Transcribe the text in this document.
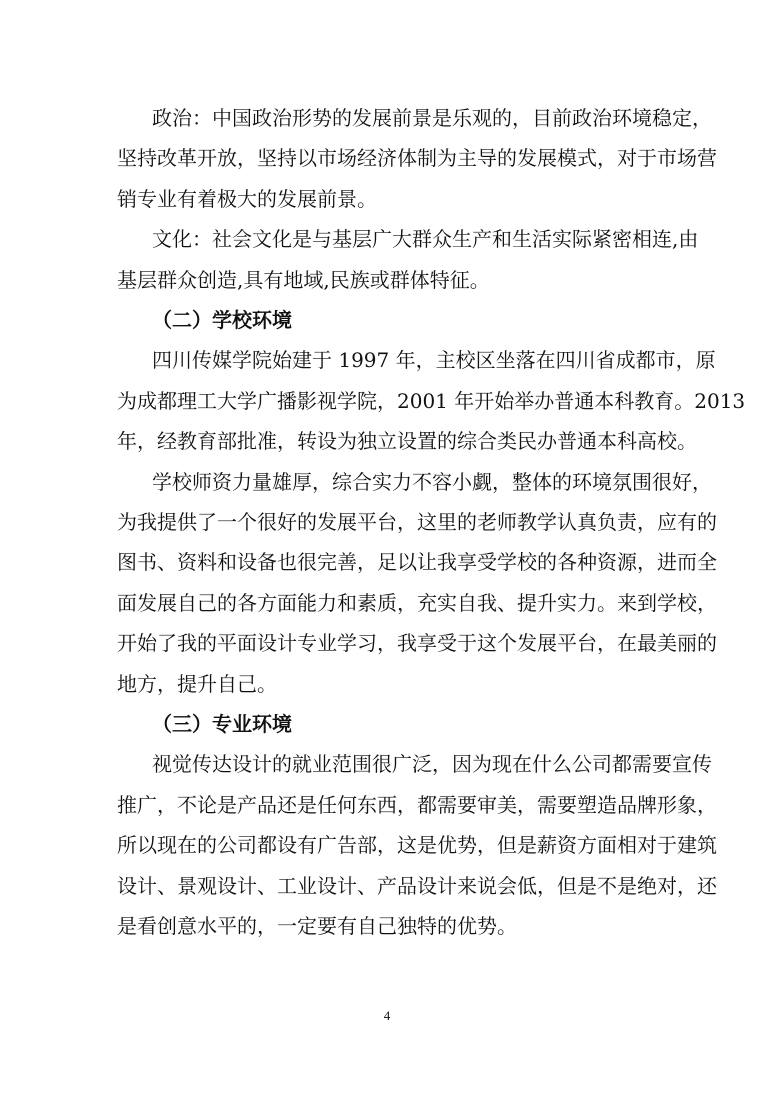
4
政治：中国政治形势的发展前景是乐观的，目前政治环境稳定，
坚持改革开放，坚持以市场经济体制为主导的发展模式，对于市场营
销专业有着极大的发展前景。
文化：社会文化是与基层广大群众生产和生活实际紧密相连,由
基层群众创造,具有地域,民族或群体特征。
（二）学校环境
四川传媒学院始建于 1997 年，主校区坐落在四川省成都市，原
为成都理工大学广播影视学院，2001 年开始举办普通本科教育。2013
年，经教育部批准，转设为独立设置的综合类民办普通本科高校。
学校师资力量雄厚，综合实力不容小觑，整体的环境氛围很好，
为我提供了一个很好的发展平台，这里的老师教学认真负责，应有的
图书、资料和设备也很完善，足以让我享受学校的各种资源，进而全
面发展自己的各方面能力和素质，充实自我、提升实力。来到学校，
开始了我的平面设计专业学习，我享受于这个发展平台，在最美丽的
地方，提升自己。
（三）专业环境
视觉传达设计的就业范围很广泛，因为现在什么公司都需要宣传
推广，不论是产品还是任何东西，都需要审美，需要塑造品牌形象，
所以现在的公司都设有广告部，这是优势，但是薪资方面相对于建筑
设计、景观设计、工业设计、产品设计来说会低，但是不是绝对，还
是看创意水平的，一定要有自己独特的优势。
